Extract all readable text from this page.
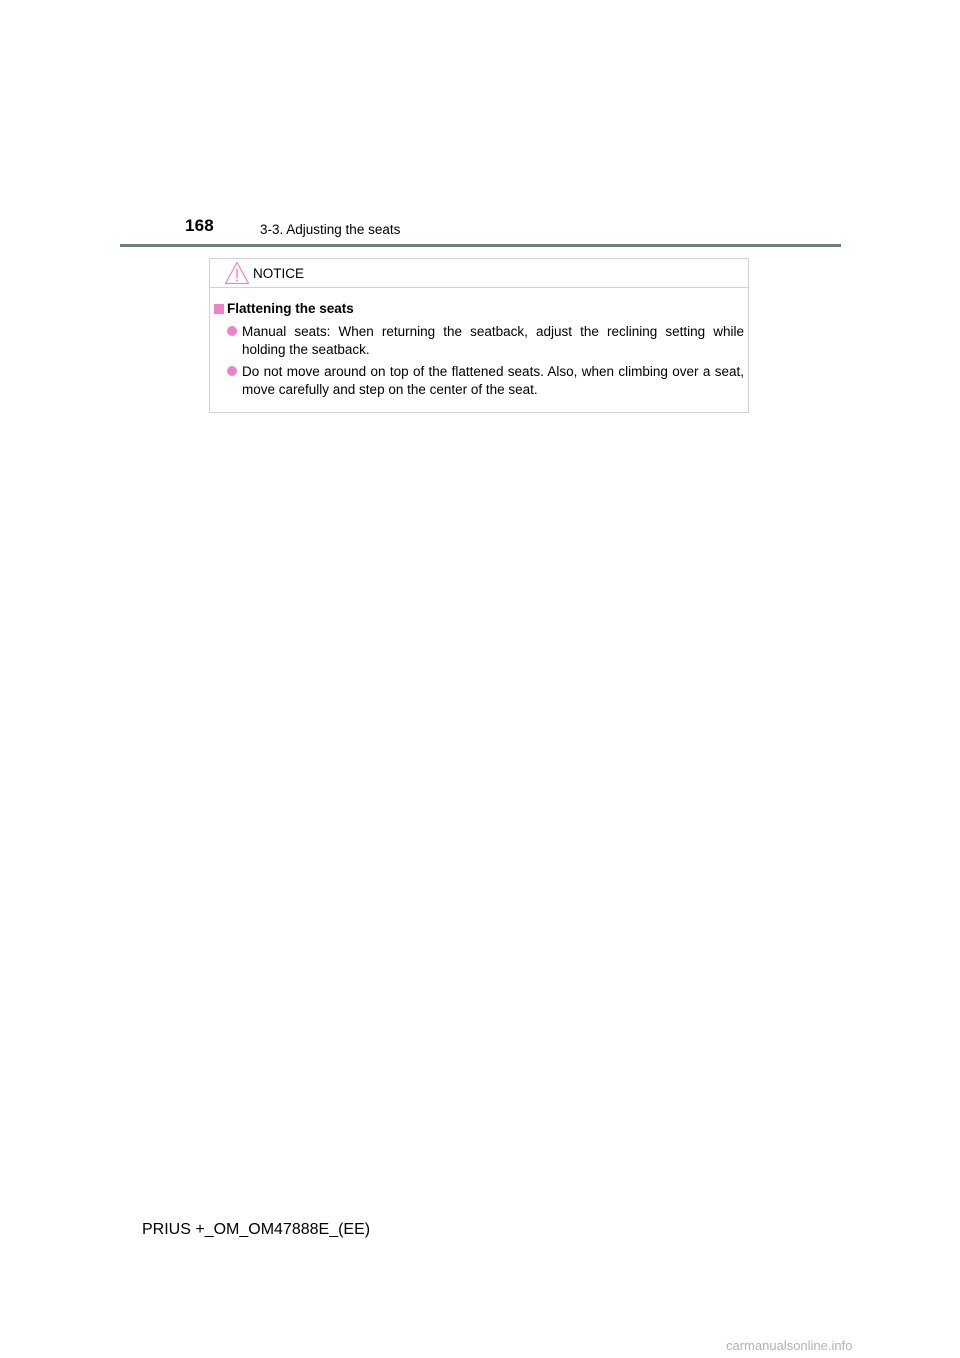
168	3-3. Adjusting the seats
NOTICE
Flattening the seats
Manual seats: When returning the seatback, adjust the reclining setting while holding the seatback.
Do not move around on top of the flattened seats. Also, when climbing over a seat, move carefully and step on the center of the seat.
PRIUS +_OM_OM47888E_(EE)
carmanualsonline.info
